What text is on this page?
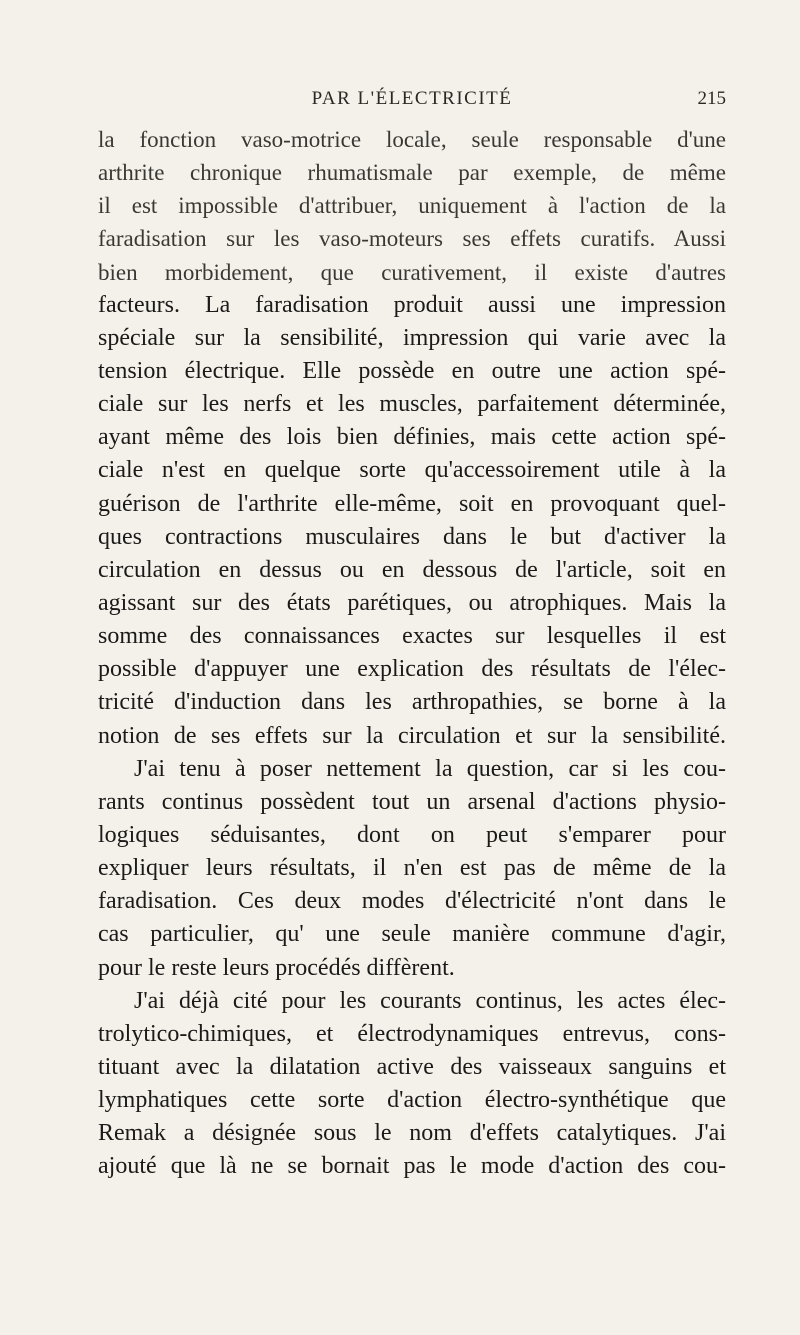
PAR L'ÉLECTRICITÉ	215
la fonction vaso-motrice locale, seule responsable d'une
arthrite chronique rhumatismale par exemple, de même
il est impossible d'attribuer, uniquement à l'action de la
faradisation sur les vaso-moteurs ses effets curatifs. Aussi
bien morbidement, que curativement, il existe d'autres
facteurs. La faradisation produit aussi une impression
spéciale sur la sensibilité, impression qui varie avec la
tension électrique. Elle possède en outre une action spé-
ciale sur les nerfs et les muscles, parfaitement déterminée,
ayant même des lois bien définies, mais cette action spé-
ciale n'est en quelque sorte qu'accessoirement utile à la
guérison de l'arthrite elle-même, soit en provoquant quel-
ques contractions musculaires dans le but d'activer la
circulation en dessus ou en dessous de l'article, soit en
agissant sur des états parétiques, ou atrophiques. Mais la
somme des connaissances exactes sur lesquelles il est
possible d'appuyer une explication des résultats de l'élec-
tricité d'induction dans les arthropathies, se borne à la
notion de ses effets sur la circulation et sur la sensibilité.
J'ai tenu à poser nettement la question, car si les cou-
rants continus possèdent tout un arsenal d'actions physio-
logiques séduisantes, dont on peut s'emparer pour
expliquer leurs résultats, il n'en est pas de même de la
faradisation. Ces deux modes d'électricité n'ont dans le
cas particulier, qu' une seule manière commune d'agir,
pour le reste leurs procédés diffèrent.
J'ai déjà cité pour les courants continus, les actes élec-
trolytico-chimiques, et électrodynamiques entrevus, cons-
tituant avec la dilatation active des vaisseaux sanguins et
lymphatiques cette sorte d'action électro-synthétique que
Remak a désignée sous le nom d'effets catalytiques. J'ai
ajouté que là ne se bornait pas le mode d'action des cou-
